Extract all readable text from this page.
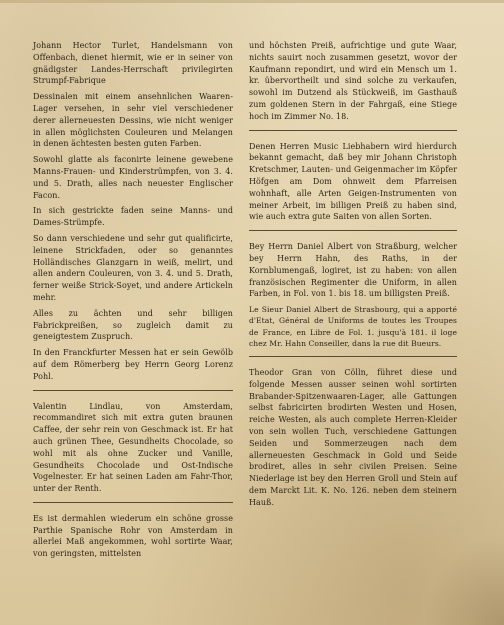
Johann Hector Turlet, Handelsmann von Offenbach, dienet hiermit, wie er in seiner von gnädigster Landes-Herrschaft privilegirten Strumpf-Fabrique

Dessinalen mit einem ansehnlichen Waaren-Lager versehen, in sehr viel verschiedener derer allerneuesten Dessins, wie nicht weniger in allen möglichsten Couleuren und Melangen in denen ächtesten besten guten Farben.

Sowohl glatte als faconirte leinene gewebene Manns-Frauen- und Kinderstrümpfen, von 3. 4. und 5. Drath, alles nach neuester Englischer Facon.

In sich gestrickte faden seine Manns- und Dames-Strümpfe.

So dann verschiedene und sehr gut qualificirte, leinene Strickfaden, oder so genanntes Holländisches Glanzgarn in weiß, melirt, und allen andern Couleuren, von 3. 4. und 5. Drath, ferner weiße Strick-Soyet, und andere Artickeln mehr.

Alles zu ächten und sehr billigen Fabrickpreißen, so zugleich damit zu geneigtestem Zuspruch.

In den Franckfurter Messen hat er sein Gewölb auf dem Römerberg bey Herrn Georg Lorenz Pohl.

Valentin Lindlau, von Amsterdam, recommandiret sich mit extra guten braunen Caffee, der sehr rein von Geschmack ist. Er hat auch grünen Thee, Gesundheits Chocolade, so wohl mit als ohne Zucker und Vanille, Gesundheits Chocolade und Ost-Indische Vogelnester. Er hat seinen Laden am Fahr-Thor, unter der Renth.

Es ist dermahlen wiederum ein schöne grosse Parthie Spanische Rohr von Amsterdam in allerlei Maß angekommen, wohl sortirte Waar, von geringsten, mittelsten

und höchsten Preiß, aufrichtige und gute Waar, nichts sauirt noch zusammen gesetzt, wovor der Kaufmann repondirt, und wird ein Mensch um 1. kr. übervortheilt und sind solche zu verkaufen, sowohl im Dutzend als Stückweiß, im Gasthauß zum goldenen Stern in der Fahrgaß, eine Stiege hoch im Zimmer No. 18.

Denen Herren Music Liebhabern wird hierdurch bekannt gemacht, daß bey mir Johann Christoph Kretschmer, Lauten- und Geigenmacher im Köpfer Höfgen am Dom ohnweit dem Pfarreisen wohnhaft, alle Arten Geigen-Instrumenten von meiner Arbeit, im billigen Preiß zu haben sind, wie auch extra gute Saiten von allen Sorten.

Bey Herrn Daniel Albert von Straßburg, welcher bey Herrn Hahn, des Raths, in der Kornblumengaß, logiret, ist zu haben: von allen französischen Regimenter die Uniform, in allen Farben, in Fol. von 1. bis 18. um billigsten Preiß.

Le Sieur Daniel Albert de Strasbourg, qui a apporté d'Etat, Général de Uniforms de toutes les Troupes de France, en Libre de Fol. 1. jusqu'à 181. il loge chez Mr. Hahn Conseiller, dans la rue dit Bueurs.

Theodor Gran von Cölln, führet diese und folgende Messen ausser seinen wohl sortirten Brabander-Spitzenwaaren-Lager, alle Gattungen selbst fabricirten brodirten Westen und Hosen, reiche Westen, als auch complete Herren-Kleider von sein wollen Tuch, verschiedene Gattungen Seiden und Sommerzeugen nach dem allerneuesten Geschmack in Gold und Seide brodiret, alles in sehr civilen Preisen. Seine Niederlage ist bey den Herren Groll und Stein auf dem Marckt Lit. K. No. 126. neben dem steinern Hauß.
